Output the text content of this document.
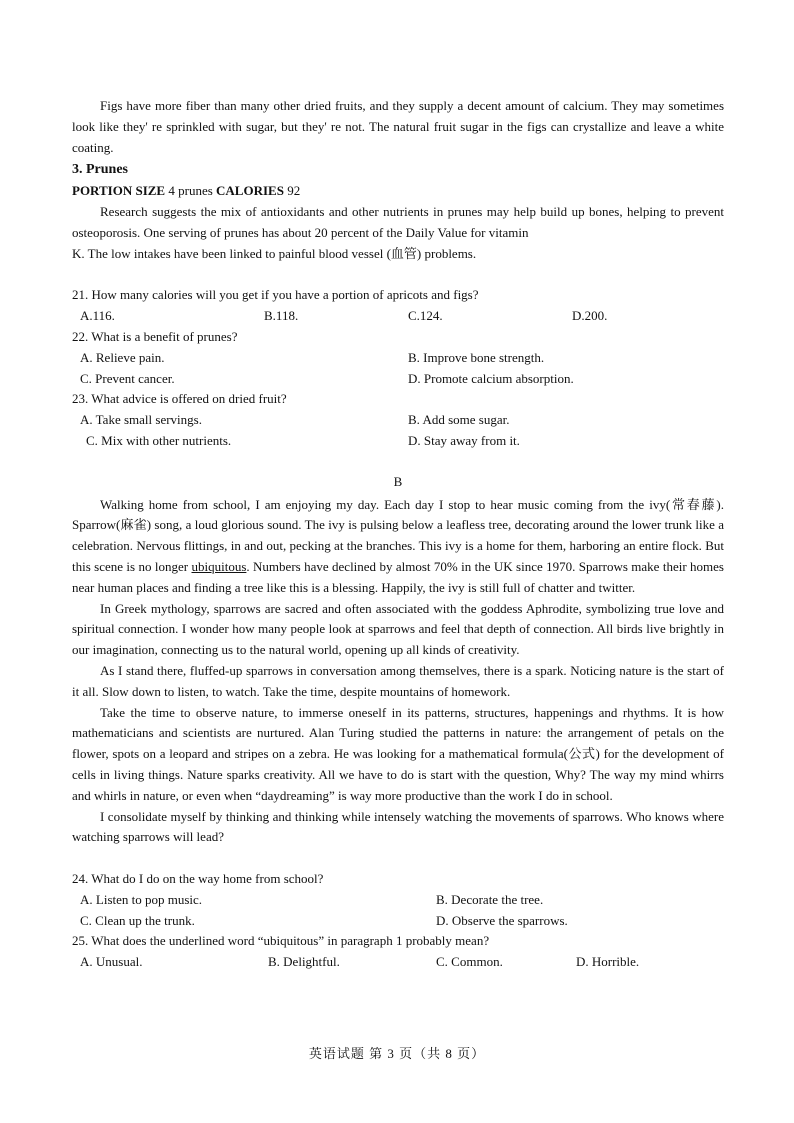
Figs have more fiber than many other dried fruits, and they supply a decent amount of calcium. They may sometimes look like they' re sprinkled with sugar, but they' re not. The natural fruit sugar in the figs can crystallize and leave a white coating.

3. Prunes

PORTION SIZE 4 prunes CALORIES 92

Research suggests the mix of antioxidants and other nutrients in prunes may help build up bones, helping to prevent osteoporosis. One serving of prunes has about 20 percent of the Daily Value for vitamin

K. The low intakes have been linked to painful blood vessel (血管) problems.

21. How many calories will you get if you have a portion of apricots and figs?

A.116.	B.118.	C.124.	D.200.

22. What is a benefit of prunes?

A. Relieve pain.	B. Improve bone strength.
C. Prevent cancer.	D. Promote calcium absorption.

23. What advice is offered on dried fruit?

A. Take small servings.	B. Add some sugar.
C. Mix with other nutrients.	D. Stay away from it.
B

Walking home from school, I am enjoying my day. Each day I stop to hear music coming from the ivy(常春藤). Sparrow(麻雀) song, a loud glorious sound. The ivy is pulsing below a leafless tree, decorating around the lower trunk like a celebration. Nervous flittings, in and out, pecking at the branches. This ivy is a home for them, harboring an entire flock. But this scene is no longer ubiquitous. Numbers have declined by almost 70% in the UK since 1970. Sparrows make their homes near human places and finding a tree like this is a blessing. Happily, the ivy is still full of chatter and twitter.

In Greek mythology, sparrows are sacred and often associated with the goddess Aphrodite, symbolizing true love and spiritual connection. I wonder how many people look at sparrows and feel that depth of connection. All birds live brightly in our imagination, connecting us to the natural world, opening up all kinds of creativity.

As I stand there, fluffed-up sparrows in conversation among themselves, there is a spark. Noticing nature is the start of it all. Slow down to listen, to watch. Take the time, despite mountains of homework.

Take the time to observe nature, to immerse oneself in its patterns, structures, happenings and rhythms. It is how mathematicians and scientists are nurtured. Alan Turing studied the patterns in nature: the arrangement of petals on the flower, spots on a leopard and stripes on a zebra. He was looking for a mathematical formula(公式) for the development of cells in living things. Nature sparks creativity. All we have to do is start with the question, Why? The way my mind whirrs and whirls in nature, or even when “daydreaming” is way more productive than the work I do in school.

I consolidate myself by thinking and thinking while intensely watching the movements of sparrows. Who knows where watching sparrows will lead?

24. What do I do on the way home from school?

A. Listen to pop music.	B. Decorate the tree.
C. Clean up the trunk.	D. Observe the sparrows.

25. What does the underlined word “ubiquitous” in paragraph 1 probably mean?

A. Unusual.	B. Delightful.	C. Common.	D. Horrible.
英语试题 第 3 页（共 8 页）
